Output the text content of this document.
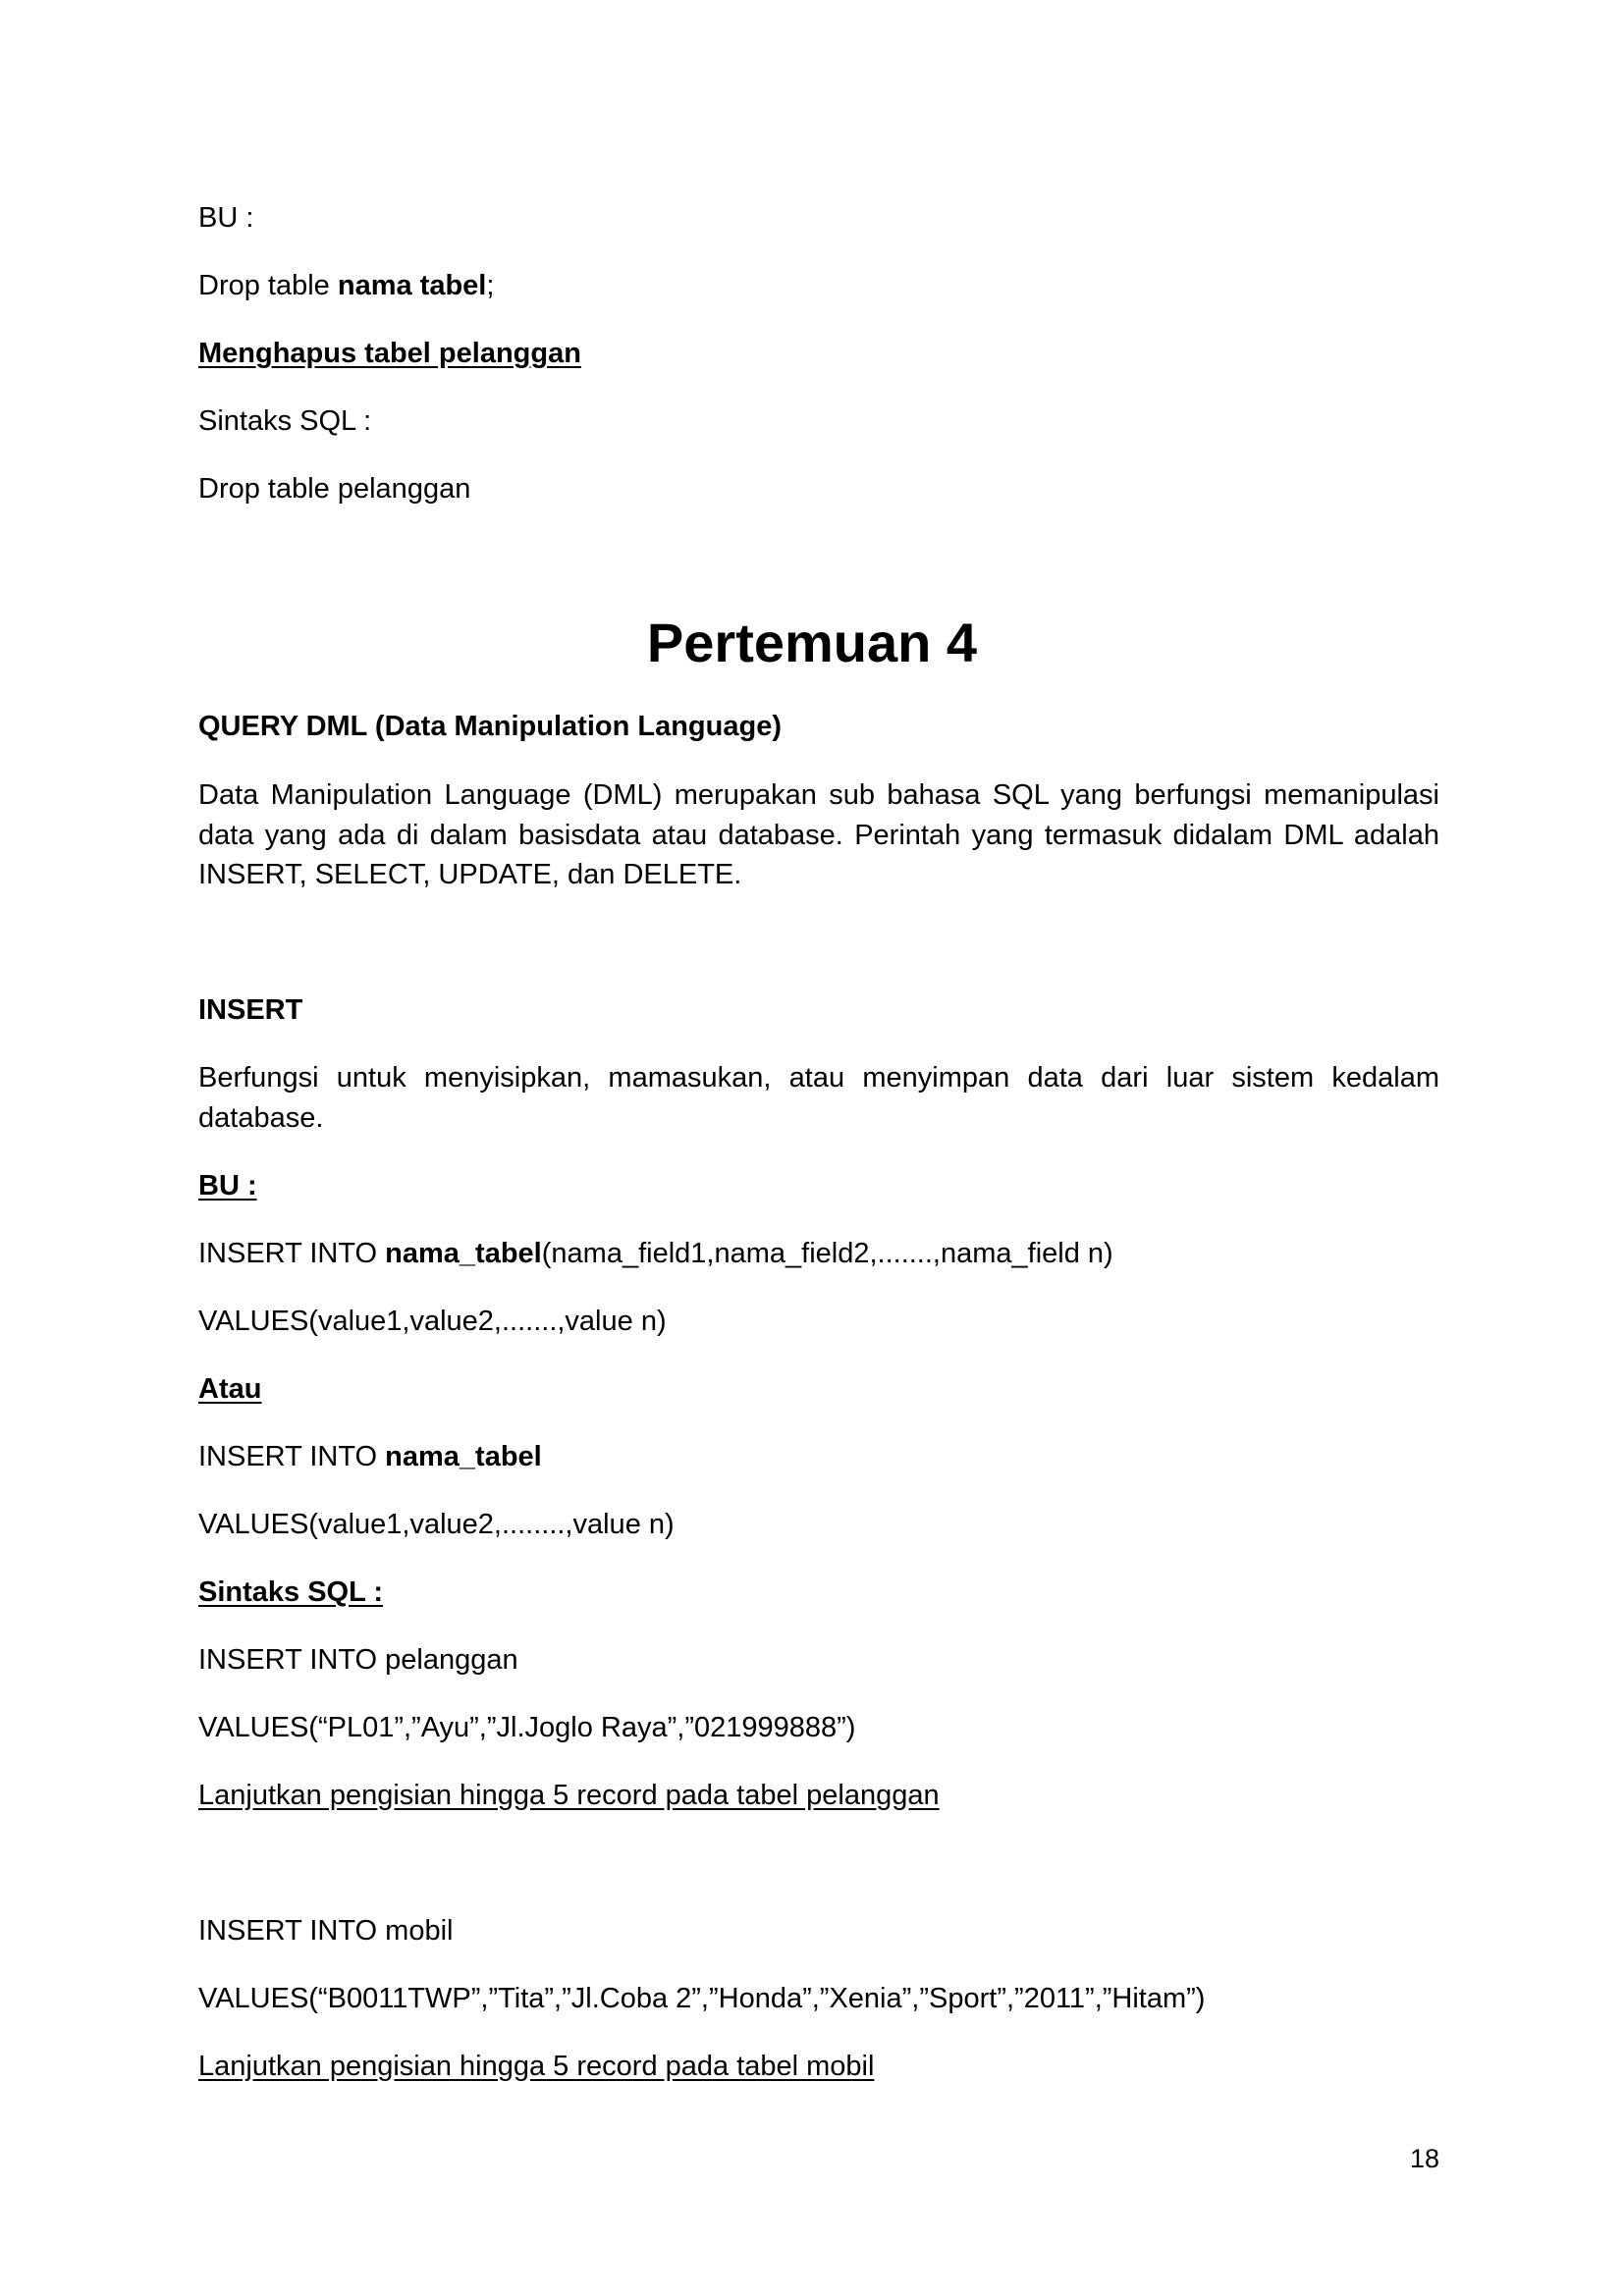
BU :
Drop table nama tabel;
Menghapus tabel pelanggan
Sintaks SQL :
Drop table pelanggan
Pertemuan 4
QUERY DML (Data Manipulation Language)
Data Manipulation Language (DML) merupakan sub bahasa SQL yang berfungsi memanipulasi data yang ada di dalam basisdata atau database. Perintah yang termasuk didalam DML adalah INSERT, SELECT, UPDATE, dan DELETE.
INSERT
Berfungsi untuk menyisipkan, mamasukan, atau menyimpan data dari luar sistem kedalam database.
BU :
INSERT INTO nama_tabel(nama_field1,nama_field2,.......,nama_field n)
VALUES(value1,value2,.......,value n)
Atau
INSERT INTO nama_tabel
VALUES(value1,value2,........,value n)
Sintaks SQL :
INSERT INTO pelanggan
VALUES(“PL01”,”Ayu”,”Jl.Joglo Raya”,”021999888”)
Lanjutkan pengisian hingga 5 record pada tabel pelanggan
INSERT INTO mobil
VALUES(“B0011TWP”,”Tita”,”Jl.Coba 2”,”Honda”,”Xenia”,”Sport”,”2011”,”Hitam”)
Lanjutkan pengisian hingga 5 record pada tabel mobil
18
